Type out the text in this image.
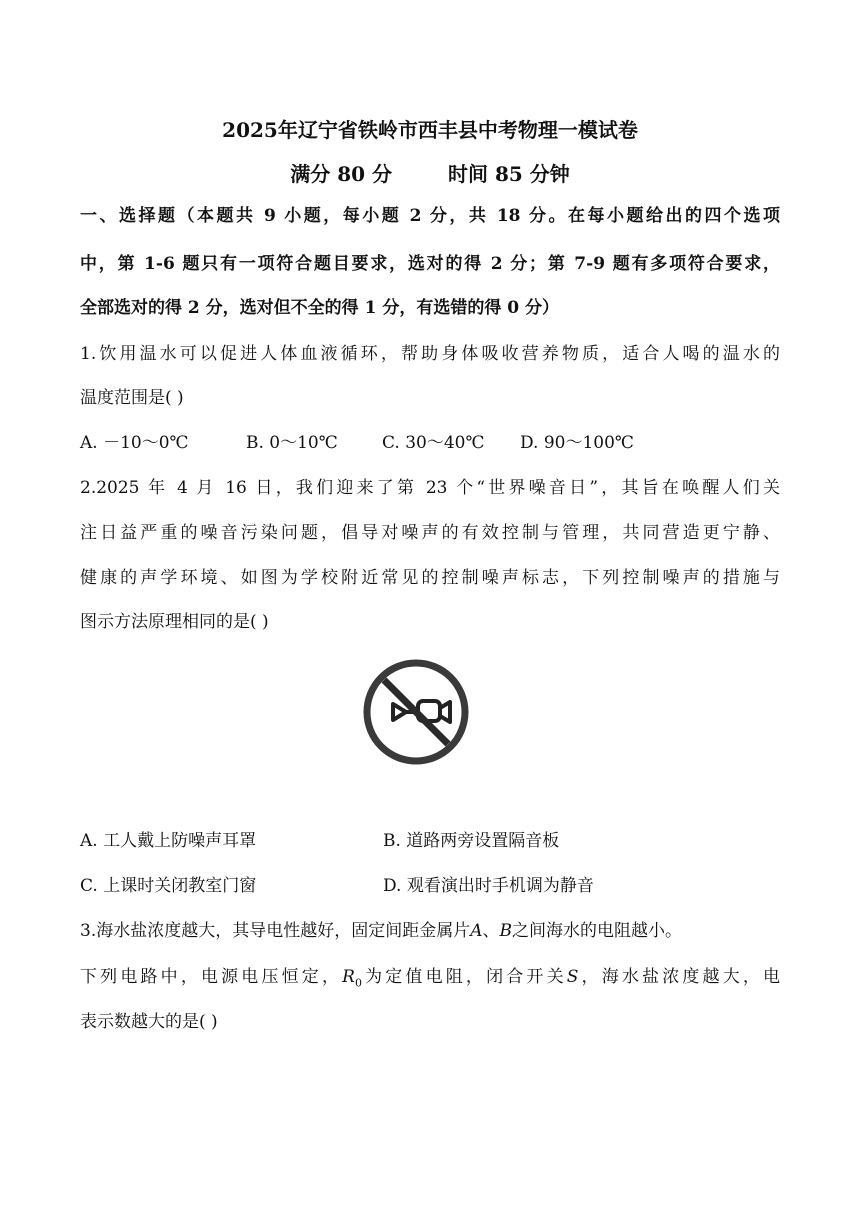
2025年辽宁省铁岭市西丰县中考物理一模试卷
满分 80 分	时间 85 分钟
一、选择题（本题共 9 小题，每小题 2 分，共 18 分。在每小题给出的四个选项
中，第 1-6 题只有一项符合题目要求，选对的得 2 分；第 7-9 题有多项符合要求，
全部选对的得 2 分，选对但不全的得 1 分，有选错的得 0 分）
1.饮用温水可以促进人体血液循环，帮助身体吸收营养物质，适合人喝的温水的
温度范围是( )
A. －10～0℃	B. 0～10℃	C. 30～40℃ D. 90～100℃
2.2025 年 4 月 16 日，我们迎来了第 23 个“世界噪音日”，其旨在唤醒人们关
注日益严重的噪音污染问题，倡导对噪声的有效控制与管理，共同营造更宁静、
健康的声学环境、如图为学校附近常见的控制噪声标志，下列控制噪声的措施与
图示方法原理相同的是( )
A. 工人戴上防噪声耳罩	B. 道路两旁设置隔音板
C. 上课时关闭教室门窗	D. 观看演出时手机调为静音
3.海水盐浓度越大，其导电性越好，固定间距金属片A、B之间海水的电阻越小。
下列电路中，电源电压恒定，$R_0$为定值电阻，闭合开关S，海水盐浓度越大，电
表示数越大的是( )
